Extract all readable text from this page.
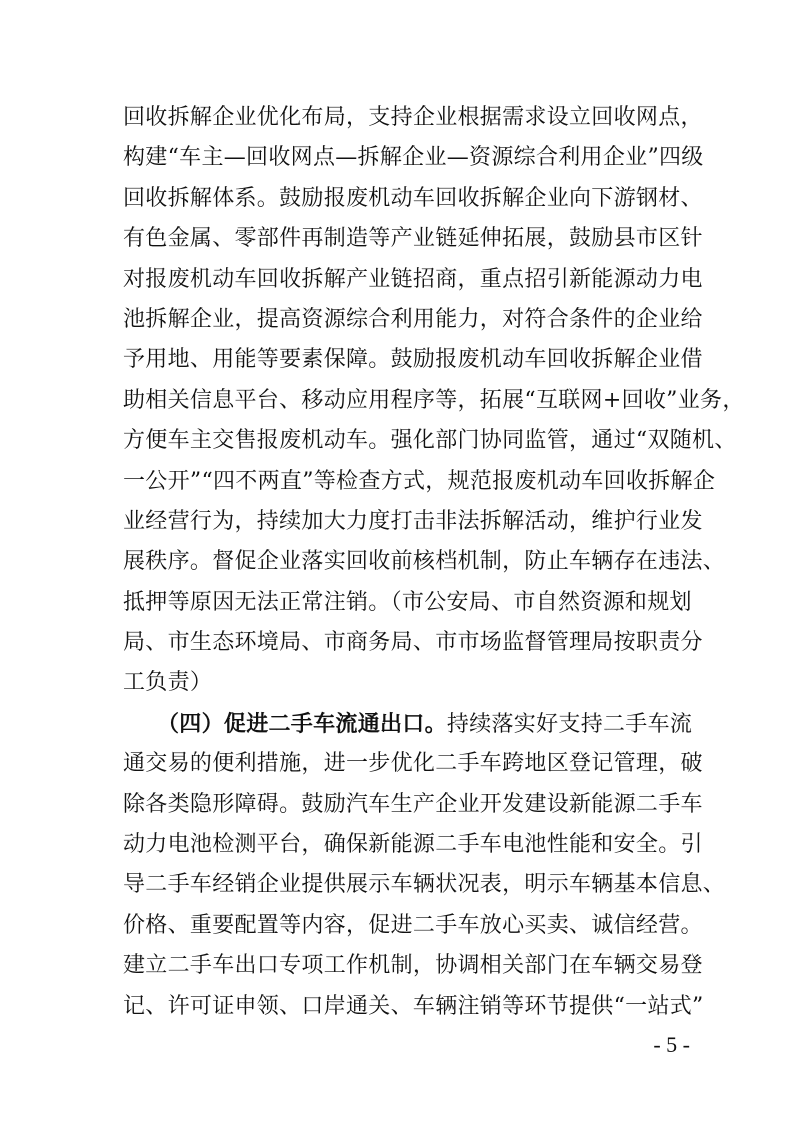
回收拆解企业优化布局，支持企业根据需求设立回收网点，
构建“车主—回收网点—拆解企业—资源综合利用企业”四级
回收拆解体系。鼓励报废机动车回收拆解企业向下游钢材、
有色金属、零部件再制造等产业链延伸拓展，鼓励县市区针
对报废机动车回收拆解产业链招商，重点招引新能源动力电
池拆解企业，提高资源综合利用能力，对符合条件的企业给
予用地、用能等要素保障。鼓励报废机动车回收拆解企业借
助相关信息平台、移动应用程序等，拓展“互联网+回收”业务，
方便车主交售报废机动车。强化部门协同监管，通过“双随机、
一公开”“四不两直”等检查方式，规范报废机动车回收拆解企
业经营行为，持续加大力度打击非法拆解活动，维护行业发
展秩序。督促企业落实回收前核档机制，防止车辆存在违法、
抵押等原因无法正常注销。（市公安局、市自然资源和规划
局、市生态环境局、市商务局、市市场监督管理局按职责分
工负责）
（四）促进二手车流通出口。持续落实好支持二手车流
通交易的便利措施，进一步优化二手车跨地区登记管理，破
除各类隐形障碍。鼓励汽车生产企业开发建设新能源二手车
动力电池检测平台，确保新能源二手车电池性能和安全。引
导二手车经销企业提供展示车辆状况表，明示车辆基本信息、
价格、重要配置等内容，促进二手车放心买卖、诚信经营。
建立二手车出口专项工作机制，协调相关部门在车辆交易登
记、许可证申领、口岸通关、车辆注销等环节提供“一站式”
- 5 -
